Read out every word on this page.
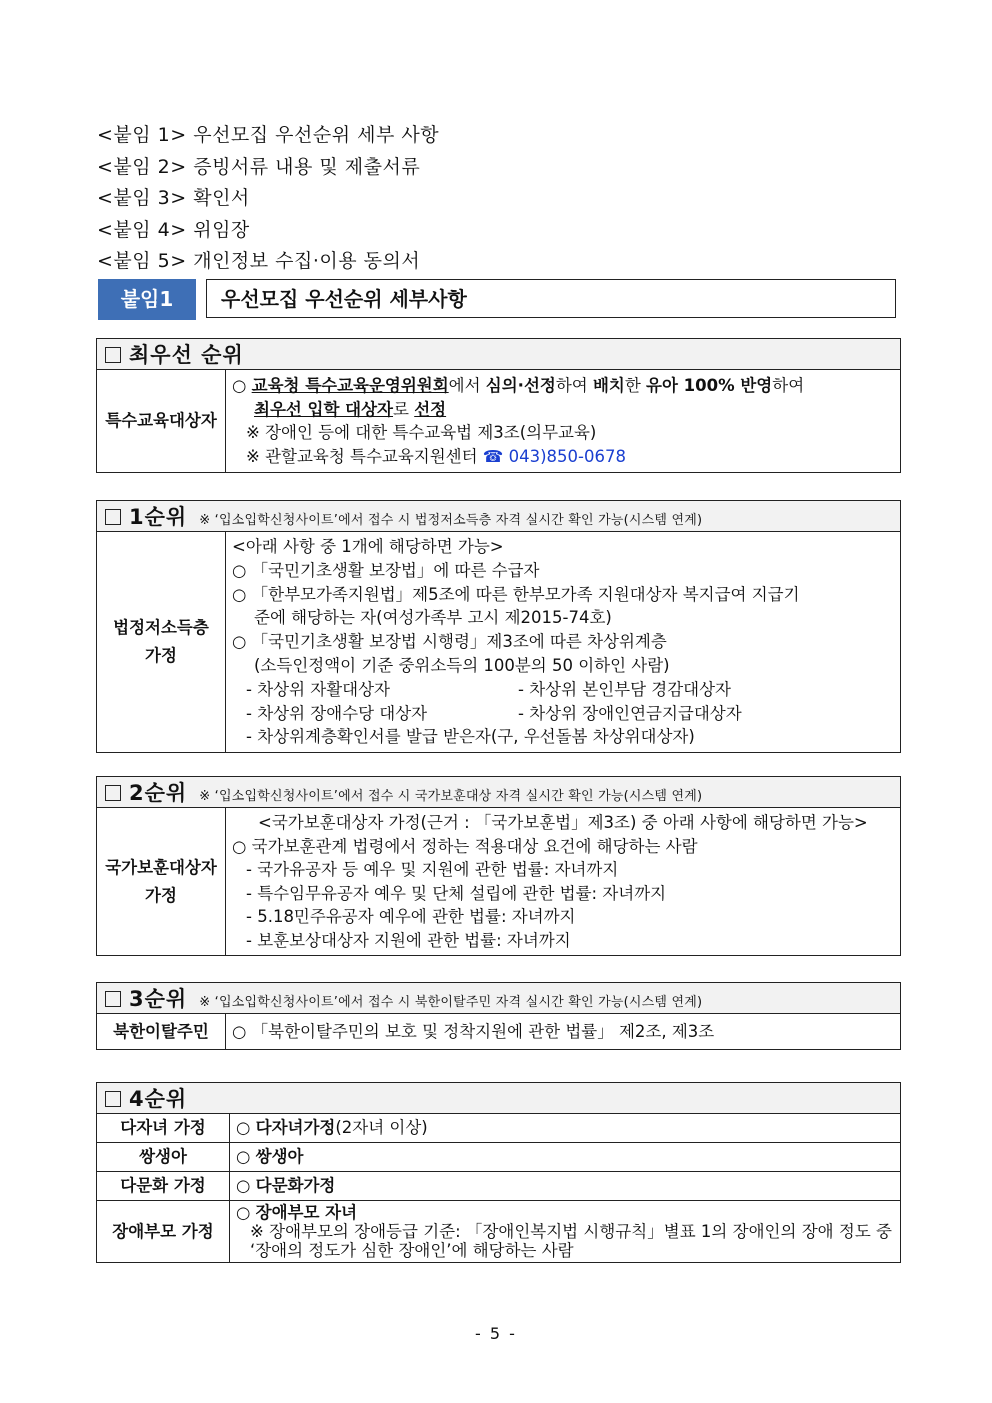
<붙임 1> 우선모집 우선순위 세부 사항
<붙임 2> 증빙서류 내용 및 제출서류
<붙임 3> 확인서
<붙임 4> 위임장
<붙임 5> 개인정보 수집·이용 동의서
붙임1	우선모집 우선순위 세부사항
최우선 순위
특수교육대상자	
○ 교육청 특수교육운영위원회에서 심의·선정하여 배치한 유아 100% 반영하여
최우선 입학 대상자로 선정
※ 장애인 등에 대한 특수교육법 제3조(의무교육)
※ 관할교육청 특수교육지원센터 ☎ 043)850-0678
1순위 ※ ‘입소입학신청사이트’에서 접수 시 법정저소득층 자격 실시간 확인 가능(시스템 연계)

법정저소득층
가정

<아래 사항 중 1개에 해당하면 가능>
○ 「국민기초생활 보장법」에 따른 수급자
○ 「한부모가족지원법」제5조에 따른 한부모가족 지원대상자 복지급여 지급기
준에 해당하는 자(여성가족부 고시 제2015-74호)
○ 「국민기초생활 보장법 시행령」제3조에 따른 차상위계층
(소득인정액이 기준 중위소득의 100분의 50 이하인 사람)
- 차상위 자활대상자	- 차상위 본인부담 경감대상자
- 차상위 장애수당 대상자	- 차상위 장애인연금지급대상자
- 차상위계층확인서를 발급 받은자(구, 우선돌봄 차상위대상자)
2순위 ※ ‘입소입학신청사이트’에서 접수 시 국가보훈대상 자격 실시간 확인 가능(시스템 연계)

국가보훈대상자
가정

<국가보훈대상자 가정(근거 : 「국가보훈법」제3조) 중 아래 사항에 해당하면 가능>
○ 국가보훈관계 법령에서 정하는 적용대상 요건에 해당하는 사람
- 국가유공자 등 예우 및 지원에 관한 법률: 자녀까지
- 특수임무유공자 예우 및 단체 설립에 관한 법률: 자녀까지
- 5.18민주유공자 예우에 관한 법률: 자녀까지
- 보훈보상대상자 지원에 관한 법률: 자녀까지
3순위 ※ ‘입소입학신청사이트’에서 접수 시 북한이탈주민 자격 실시간 확인 가능(시스템 연계)
북한이탈주민	○ 「북한이탈주민의 보호 및 정착지원에 관한 법률」 제2조, 제3조
4순위	
다자녀 가정	○ 다자녀가정(2자녀 이상)

쌍생아	○ 쌍생아

다문화 가정	○ 다문화가정

장애부모 가정	○ 장애부모 자녀
※ 장애부모의 장애등급 기준: 「장애인복지법 시행규칙」별표 1의 장애인의 장애 정도 중 ‘장애의 정도가 심한 장애인’에 해당하는 사람
- 5 -
